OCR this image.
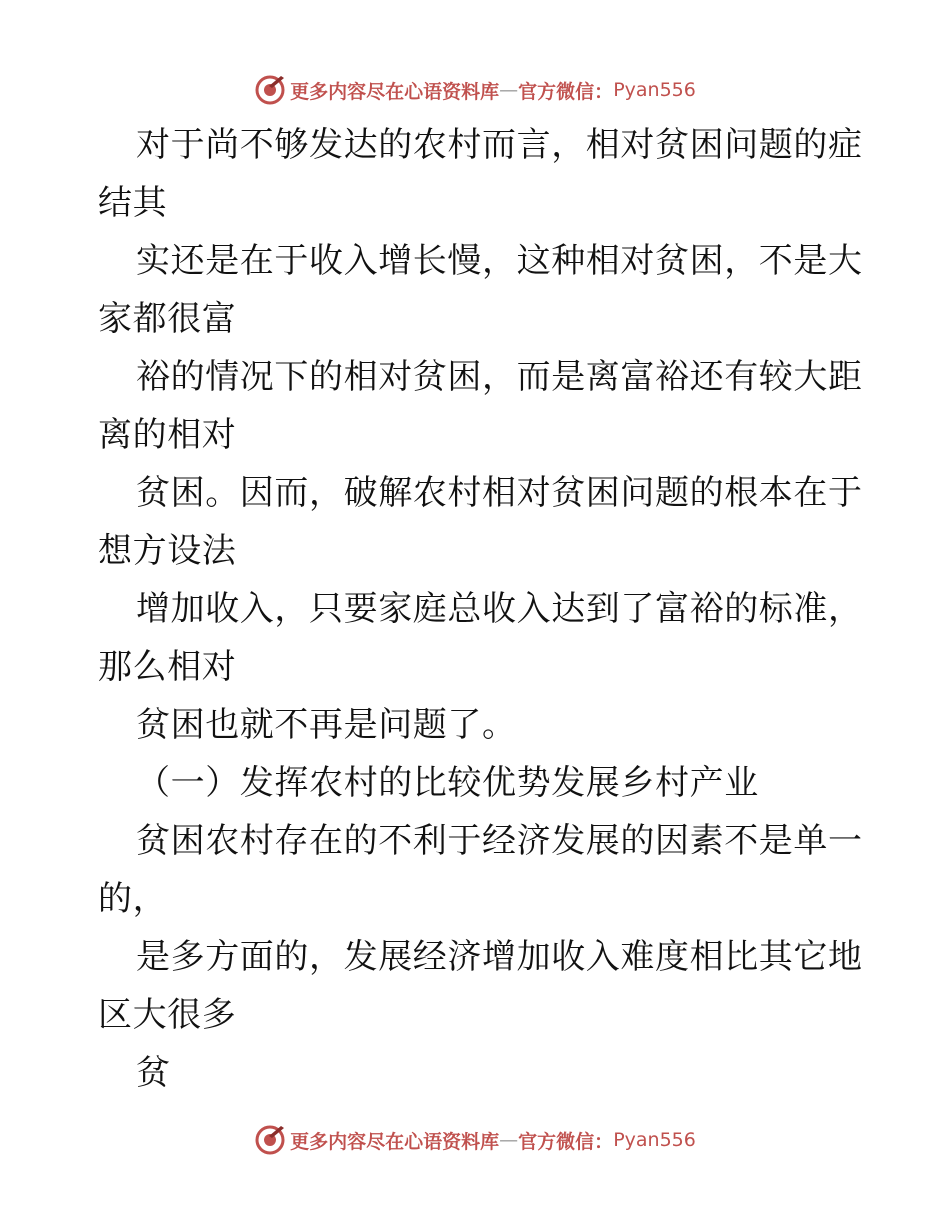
更多内容尽在心语资料库 — 官方微信： Pyan556
对于尚不够发达的农村而言，相对贫困问题的症
结其
实还是在于收入增长慢，这种相对贫困，不是大
家都很富
裕的情况下的相对贫困，而是离富裕还有较大距
离的相对
贫困。因而，破解农村相对贫困问题的根本在于
想方设法
增加收入，只要家庭总收入达到了富裕的标准，
那么相对
贫困也就不再是问题了。
（一）发挥农村的比较优势发展乡村产业
贫困农村存在的不利于经济发展的因素不是单一
的，
是多方面的，发展经济增加收入难度相比其它地
区大很多
贫
更多内容尽在心语资料库 — 官方微信： Pyan556
